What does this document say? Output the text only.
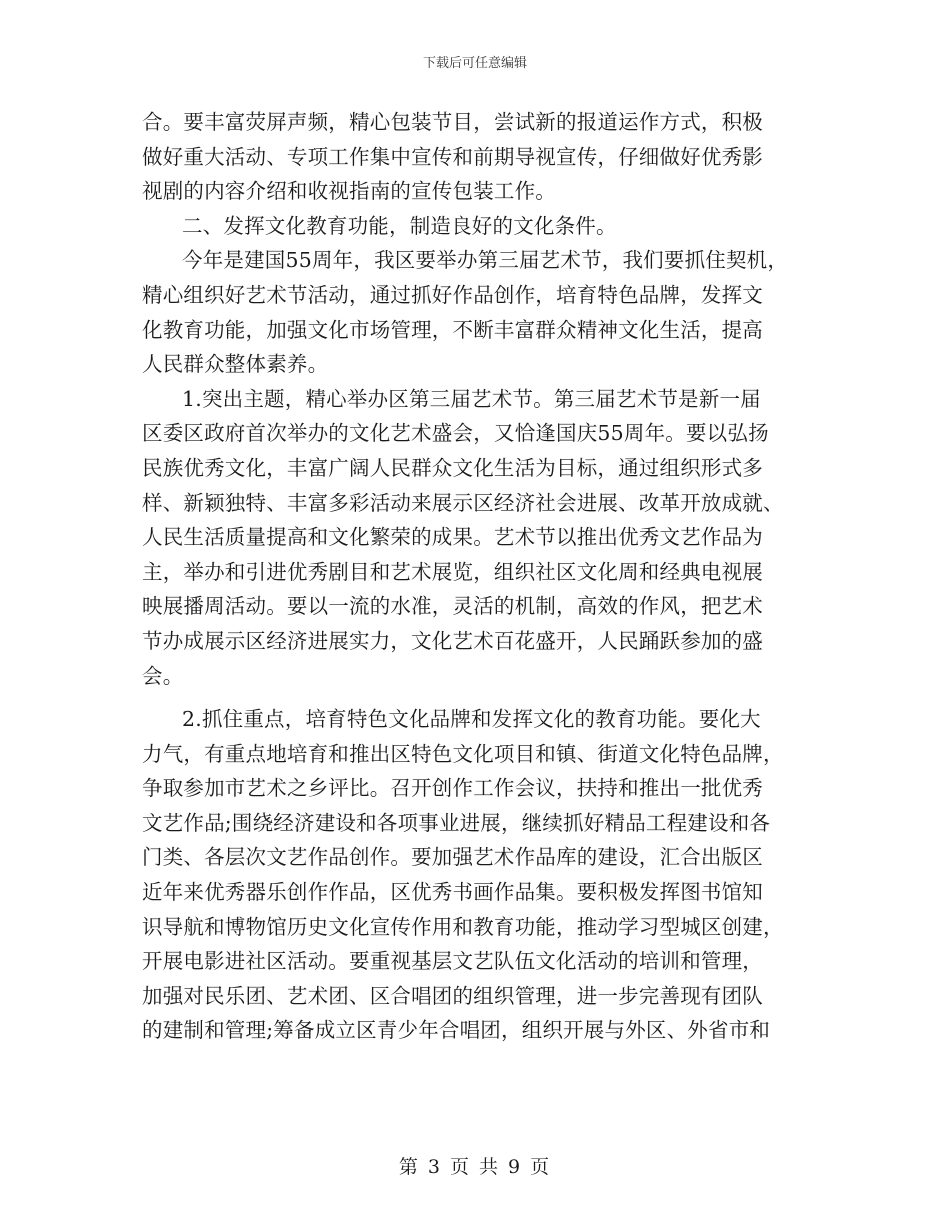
下载后可任意编辑
合。要丰富荧屏声频，精心包装节目，尝试新的报道运作方式，积极
做好重大活动、专项工作集中宣传和前期导视宣传，仔细做好优秀影
视剧的内容介绍和收视指南的宣传包装工作。
二、发挥文化教育功能，制造良好的文化条件。
今年是建国55周年，我区要举办第三届艺术节，我们要抓住契机，
精心组织好艺术节活动，通过抓好作品创作，培育特色品牌，发挥文
化教育功能，加强文化市场管理，不断丰富群众精神文化生活，提高
人民群众整体素养。
1.突出主题，精心举办区第三届艺术节。第三届艺术节是新一届
区委区政府首次举办的文化艺术盛会，又恰逢国庆55周年。要以弘扬
民族优秀文化，丰富广阔人民群众文化生活为目标，通过组织形式多
样、新颖独特、丰富多彩活动来展示区经济社会进展、改革开放成就、
人民生活质量提高和文化繁荣的成果。艺术节以推出优秀文艺作品为
主，举办和引进优秀剧目和艺术展览，组织社区文化周和经典电视展
映展播周活动。要以一流的水准，灵活的机制，高效的作风，把艺术
节办成展示区经济进展实力，文化艺术百花盛开，人民踊跃参加的盛
会。
2.抓住重点，培育特色文化品牌和发挥文化的教育功能。要化大
力气，有重点地培育和推出区特色文化项目和镇、街道文化特色品牌，
争取参加市艺术之乡评比。召开创作工作会议，扶持和推出一批优秀
文艺作品;围绕经济建设和各项事业进展，继续抓好精品工程建设和各
门类、各层次文艺作品创作。要加强艺术作品库的建设，汇合出版区
近年来优秀器乐创作作品，区优秀书画作品集。要积极发挥图书馆知
识导航和博物馆历史文化宣传作用和教育功能，推动学习型城区创建，
开展电影进社区活动。要重视基层文艺队伍文化活动的培训和管理，
加强对民乐团、艺术团、区合唱团的组织管理，进一步完善现有团队
的建制和管理;筹备成立区青少年合唱团，组织开展与外区、外省市和
第 3 页 共 9 页
